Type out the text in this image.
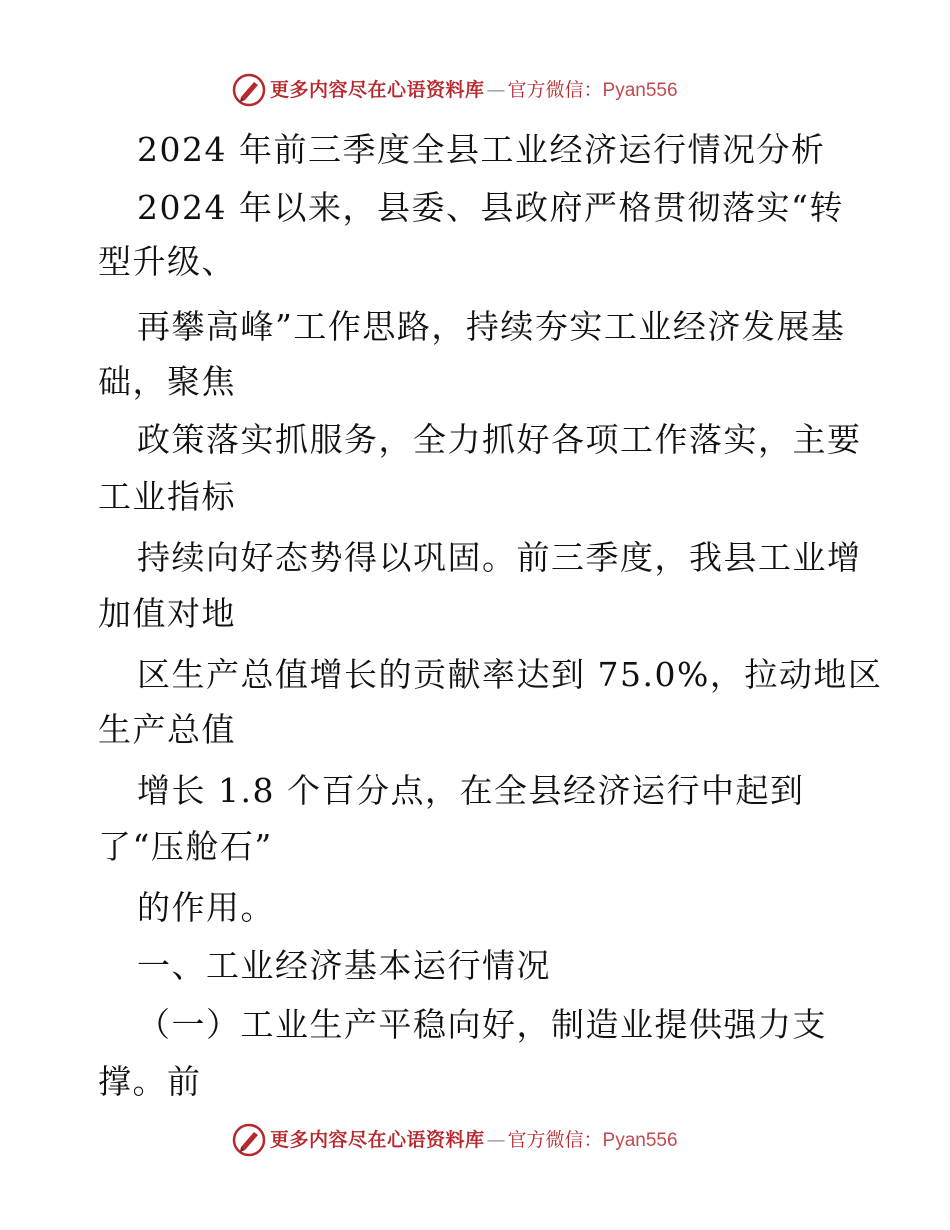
更多内容尽在心语资料库 — 官方微信：Pyan556
2024 年前三季度全县工业经济运行情况分析
2024 年以来，县委、县政府严格贯彻落实“转
型升级、
再攀高峰”工作思路，持续夯实工业经济发展基
础，聚焦
政策落实抓服务，全力抓好各项工作落实，主要
工业指标
持续向好态势得以巩固。前三季度，我县工业增
加值对地
区生产总值增长的贡献率达到 75.0%，拉动地区
生产总值
增长 1.8 个百分点，在全县经济运行中起到
了“压舱石”
的作用。
一、工业经济基本运行情况
（一）工业生产平稳向好，制造业提供强力支
撑。前
更多内容尽在心语资料库 — 官方微信：Pyan556
